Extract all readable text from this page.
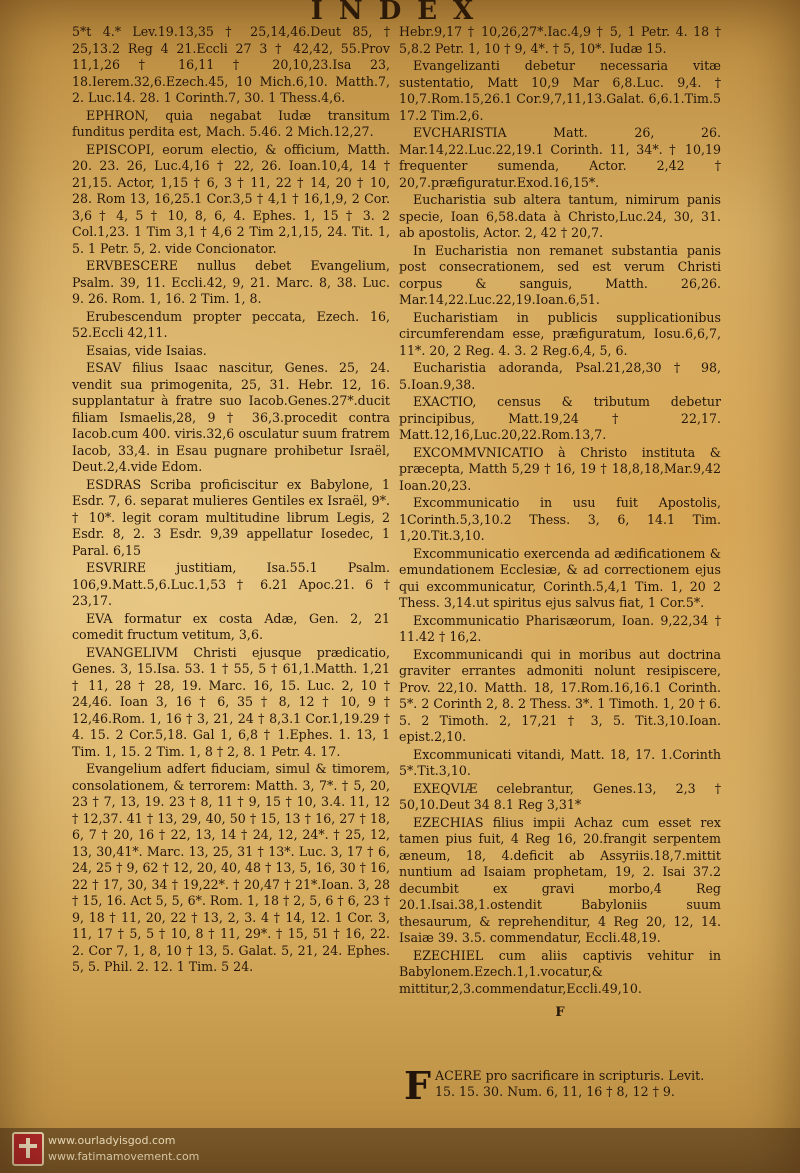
INDEX

5*t 4.* Lev.19.13,35 † 25,14,46.Deut 85, † 25,13.2 Reg 4 21.Eccli 27 3 † 42,42, 55.Prov 11,1,26 † 16,11 † 20,10,23.Isa 23, 18.Ierem.32,6.Ezech.45, 10 Mich.6,10. Matth.7, 2. Luc.14. 28. 1 Corinth.7, 30. 1 Thess.4,6.

EPHRON, quia negabat Iudæ transitum funditus perdita est, Mach. 5.46. 2 Mich.12,27.

EPISCOPI, eorum electio, & officium, Matth. 20. 23. 26, Luc.4,16 † 22, 26. Ioan.10,4, 14 † 21,15. Actor, 1,15 † 6, 3 † 11, 22 † 14, 20 † 10, 28. Rom 13, 16,25.1 Cor.3,5 † 4,1 † 16,1,9, 2 Cor. 3,6 † 4, 5 † 10, 8, 6, 4. Ephes. 1, 15 † 3. 2 Col.1,23. 1 Tim 3,1 † 4,6 2 Tim 2,1,15, 24. Tit. 1, 5. 1 Petr. 5, 2. vide Concionator.

ERVBESCERE nullus debet Evangelium, Psalm. 39, 11. Eccli.42, 9, 21. Marc. 8, 38. Luc. 9. 26. Rom. 1, 16. 2 Tim. 1, 8.

Erubescendum propter peccata, Ezech. 16, 52.Eccli 42,11.

Esaias, vide Isaias.

ESAV filius Isaac nascitur, Genes. 25, 24. vendit sua primogenita, 25, 31. Hebr. 12, 16. supplantatur à fratre suo Iacob.Genes.27*.ducit filiam Ismaelis,28, 9 † 36,3.procedit contra Iacob.cum 400. viris.32,6 osculatur suum fratrem Iacob, 33,4. in Esau pugnare prohibetur Israël, Deut.2,4.vide Edom.

ESDRAS Scriba proficiscitur ex Babylone, 1 Esdr. 7, 6. separat mulieres Gentiles ex Israël, 9*. † 10*. legit coram multitudine librum Legis, 2 Esdr. 8, 2. 3 Esdr. 9,39 appellatur Iosedec, 1 Paral. 6,15

ESVRIRE justitiam, Isa.55.1 Psalm. 106,9.Matt.5,6.Luc.1,53 † 6.21 Apoc.21. 6 † 23,17.

EVA formatur ex costa Adæ, Gen. 2, 21 comedit fructum vetitum, 3,6.

EVANGELIVM Christi ejusque prædicatio, Genes. 3, 15.Isa. 53. 1 † 55, 5 † 61,1.Matth. 1,21 † 11, 28 † 28, 19. Marc. 16, 15. Luc. 2, 10 † 24,46. Ioan 3, 16 † 6, 35 † 8, 12 † 10, 9 † 12,46.Rom. 1, 16 † 3, 21, 24 † 8,3.1 Cor.1,19.29 † 4. 15. 2 Cor.5,18. Gal 1, 6,8 † 1.Ephes. 1. 13, 1 Tim. 1, 15. 2 Tim. 1, 8 † 2, 8. 1 Petr. 4. 17.

Evangelium adfert fiduciam, simul & timorem, consolationem, & terrorem: Matth. 3, 7*. † 5, 20, 23 † 7, 13, 19. 23 † 8, 11 † 9, 15 † 10, 3.4. 11, 12 † 12,37. 41 † 13, 29, 40, 50 † 15, 13 † 16, 27 † 18, 6, 7 † 20, 16 † 22, 13, 14 † 24, 12, 24*. † 25, 12, 13, 30,41*. Marc. 13, 25, 31 † 13*. Luc. 3, 17 † 6, 24, 25 † 9, 62 † 12, 20, 40, 48 † 13, 5, 16, 30 † 16, 22 † 17, 30, 34 † 19,22*. † 20,47 † 21*.Ioan. 3, 28 † 15, 16. Act 5, 5, 6*. Rom. 1, 18 † 2, 5, 6 † 6, 23 † 9, 18 † 11, 20, 22 † 13, 2, 3. 4 † 14, 12. 1 Cor. 3, 11, 17 † 5, 5 † 10, 8 † 11, 29*. † 15, 51 † 16, 22. 2. Cor 7, 1, 8, 10 † 13, 5. Galat. 5, 21, 24. Ephes. 5, 5. Phil. 2. 12. 1 Tim. 5 24.

Hebr.9,17 † 10,26,27*.Iac.4,9 † 5, 1 Petr. 4. 18 † 5,8.2 Petr. 1, 10 † 9, 4*. † 5, 10*. Iudæ 15.

Evangelizanti debetur necessaria vitæ sustentatio, Matt 10,9 Mar 6,8.Luc. 9,4. † 10,7.Rom.15,26.1 Cor.9,7,11,13.Galat. 6,6.1.Tim.5 17.2 Tim.2,6.

EVCHARISTIA Matt. 26, 26. Mar.14,22.Luc.22,19.1 Corinth. 11, 34*. † 10,19 frequenter sumenda, Actor. 2,42 † 20,7.præfiguratur.Exod.16,15*.

Eucharistia sub altera tantum, nimirum panis specie, Ioan 6,58.data à Christo,Luc.24, 30, 31. ab apostolis, Actor. 2, 42 † 20,7.

In Eucharistia non remanet substantia panis post consecrationem, sed est verum Christi corpus & sanguis, Matth. 26,26. Mar.14,22.Luc.22,19.Ioan.6,51.

Eucharistiam in publicis supplicationibus circumferendam esse, præfiguratum, Iosu.6,6,7, 11*. 20, 2 Reg. 4. 3. 2 Reg.6,4, 5, 6.

Eucharistia adoranda, Psal.21,28,30 † 98, 5.Ioan.9,38.

EXACTIO, census & tributum debetur principibus, Matt.19,24 † 22,17. Matt.12,16,Luc.20,22.Rom.13,7.

EXCOMMVNICATIO à Christo instituta & præcepta, Matth 5,29 † 16, 19 † 18,8,18,Mar.9,42 Ioan.20,23.

Excommunicatio in usu fuit Apostolis, 1Corinth.5,3,10.2 Thess. 3, 6, 14.1 Tim. 1,20.Tit.3,10.

Excommunicatio exercenda ad ædificationem & emundationem Ecclesiæ, & ad correctionem ejus qui excommunicatur, Corinth.5,4,1 Tim. 1, 20 2 Thess. 3,14.ut spiritus ejus salvus fiat, 1 Cor.5*.

Excommunicatio Pharisæorum, Ioan. 9,22,34 † 11.42 † 16,2.

Excommunicandi qui in moribus aut doctrina graviter errantes admoniti nolunt resipiscere, Prov. 22,10. Matth. 18, 17.Rom.16,16.1 Corinth. 5*. 2 Corinth 2, 8. 2 Thess. 3*. 1 Timoth. 1, 20 † 6. 5. 2 Timoth. 2, 17,21 † 3, 5. Tit.3,10.Ioan. epist.2,10.

Excommunicati vitandi, Matt. 18, 17. 1.Corinth 5*.Tit.3,10.

EXEQVIÆ celebrantur, Genes.13, 2,3 † 50,10.Deut 34 8.1 Reg 3,31*

EZECHIAS filius impii Achaz cum esset rex tamen pius fuit, 4 Reg 16, 20.frangit serpentem æneum, 18, 4.deficit ab Assyriis.18,7.mittit nuntium ad Isaiam prophetam, 19, 2. Isai 37.2 decumbit ex gravi morbo,4 Reg 20.1.Isai.38,1.ostendit Babyloniis suum thesaurum, & reprehenditur, 4 Reg 20, 12, 14. Isaiæ 39. 3.5. commendatur, Eccli.48,19.

EZECHIEL cum aliis captivis vehitur in Babylonem.Ezech.1,1.vocatur,& mittitur,2,3.commendatur,Eccli.49,10.

F
F ACERE pro sacrificare in scripturis. Levit. 15. 15. 30. Num. 6, 11, 16 † 8, 12 † 9.
www.ourladyisgod.com
www.fatimamovement.com
